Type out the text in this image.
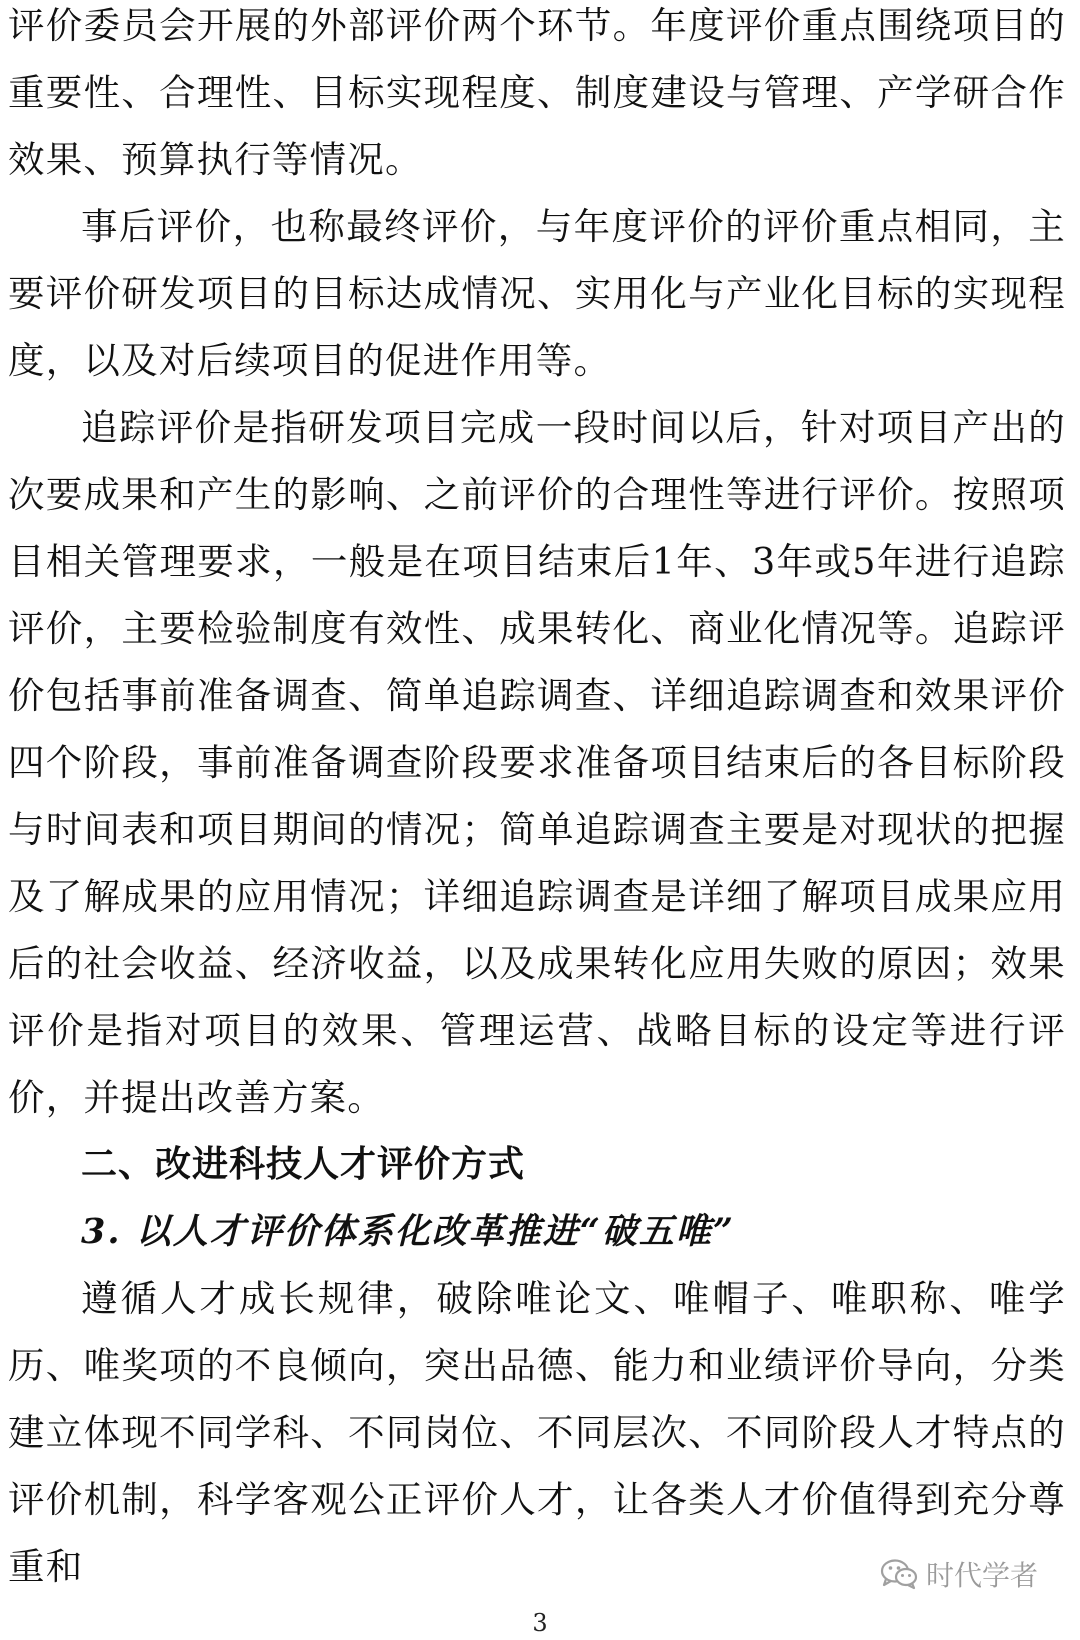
评价委员会开展的外部评价两个环节。年度评价重点围绕项目的重要性、合理性、目标实现程度、制度建设与管理、产学研合作效果、预算执行等情况。

事后评价，也称最终评价，与年度评价的评价重点相同，主要评价研发项目的目标达成情况、实用化与产业化目标的实现程度，以及对后续项目的促进作用等。

追踪评价是指研发项目完成一段时间以后，针对项目产出的次要成果和产生的影响、之前评价的合理性等进行评价。按照项目相关管理要求，一般是在项目结束后1年、3年或5年进行追踪评价，主要检验制度有效性、成果转化、商业化情况等。追踪评价包括事前准备调查、简单追踪调查、详细追踪调查和效果评价四个阶段，事前准备调查阶段要求准备项目结束后的各目标阶段与时间表和项目期间的情况；简单追踪调查主要是对现状的把握及了解成果的应用情况；详细追踪调查是详细了解项目成果应用后的社会收益、经济收益，以及成果转化应用失败的原因；效果评价是指对项目的效果、管理运营、战略目标的设定等进行评价，并提出改善方案。

二、改进科技人才评价方式
3. 以人才评价体系化改革推进“破五唯”

遵循人才成长规律，破除唯论文、唯帽子、唯职称、唯学历、唯奖项的不良倾向，突出品德、能力和业绩评价导向，分类建立体现不同学科、不同岗位、不同层次、不同阶段人才特点的评价机制，科学客观公正评价人才，让各类人才价值得到充分尊重和	时代学者
3
